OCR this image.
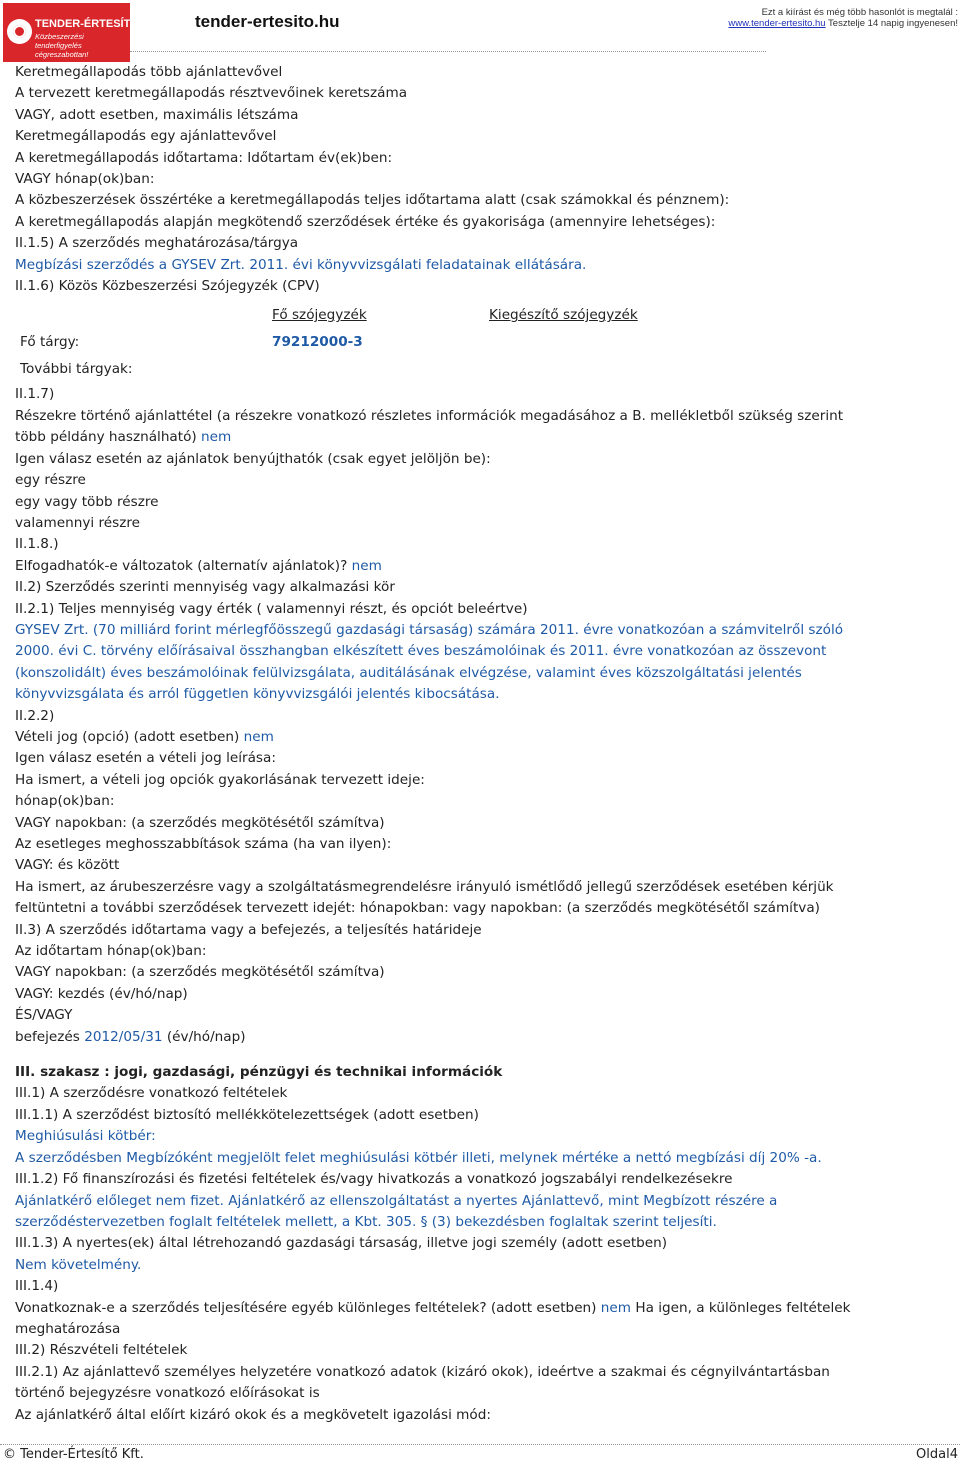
TENDER-ÉRTESÍTŐ.hu
Közbeszerzési tenderfigyelés cégreszabottan!
tender-ertesito.hu	Ezt a kiírást és még több hasonlót is megtalál :
www.tender-ertesito.hu Tesztelje 14 napig ingyenesen!
Keretmegállapodás több ajánlattevővel
A tervezett keretmegállapodás résztvevőinek keretszáma
VAGY, adott esetben, maximális létszáma
Keretmegállapodás egy ajánlattevővel
A keretmegállapodás időtartama: Időtartam év(ek)ben:
VAGY hónap(ok)ban:
A közbeszerzések összértéke a keretmegállapodás teljes időtartama alatt (csak számokkal és pénznem):
A keretmegállapodás alapján megkötendő szerződések értéke és gyakorisága (amennyire lehetséges):
II.1.5) A szerződés meghatározása/tárgya
Megbízási szerződés a GYSEV Zrt. 2011. évi könyvvizsgálati feladatainak ellátására.
II.1.6) Közös Közbeszerzési Szójegyzék (CPV)
Fő szójegyzék	Kiegészítő szójegyzék
Fő tárgy:	79212000-3
További tárgyak:
II.1.7)
Részekre történő ajánlattétel (a részekre vonatkozó részletes információk megadásához a B. mellékletből szükség szerint
több példány használható) nem
Igen válasz esetén az ajánlatok benyújthatók (csak egyet jelöljön be):
egy részre
egy vagy több részre
valamennyi részre
II.1.8.)
Elfogadhatók-e változatok (alternatív ajánlatok)? nem
II.2) Szerződés szerinti mennyiség vagy alkalmazási kör
II.2.1) Teljes mennyiség vagy érték ( valamennyi részt, és opciót beleértve)
GYSEV Zrt. (70 milliárd forint mérlegfőösszegű gazdasági társaság) számára 2011. évre vonatkozóan a számvitelről szóló
2000. évi C. törvény előírásaival összhangban elkészített éves beszámolóinak és 2011. évre vonatkozóan az összevont
(konszolidált) éves beszámolóinak felülvizsgálata, auditálásának elvégzése, valamint éves közszolgáltatási jelentés
könyvvizsgálata és arról független könyvvizsgálói jelentés kibocsátása.
II.2.2)
Vételi jog (opció) (adott esetben) nem
Igen válasz esetén a vételi jog leírása:
Ha ismert, a vételi jog opciók gyakorlásának tervezett ideje:
hónap(ok)ban:
VAGY napokban: (a szerződés megkötésétől számítva)
Az esetleges meghosszabbítások száma (ha van ilyen):
VAGY: és között
Ha ismert, az árubeszerzésre vagy a szolgáltatásmegrendelésre irányuló ismétlődő jellegű szerződések esetében kérjük
feltüntetni a további szerződések tervezett idejét: hónapokban: vagy napokban: (a szerződés megkötésétől számítva)
II.3) A szerződés időtartama vagy a befejezés, a teljesítés határideje
Az időtartam hónap(ok)ban:
VAGY napokban: (a szerződés megkötésétől számítva)
VAGY: kezdés (év/hó/nap)
ÉS/VAGY
befejezés 2012/05/31 (év/hó/nap)
III. szakasz : jogi, gazdasági, pénzügyi és technikai információk
III.1) A szerződésre vonatkozó feltételek
III.1.1) A szerződést biztosító mellékkötelezettségek (adott esetben)
Meghiúsulási kötbér:
A szerződésben Megbízóként megjelölt felet meghiúsulási kötbér illeti, melynek mértéke a nettó megbízási díj 20% -a.
III.1.2) Fő finanszírozási és fizetési feltételek és/vagy hivatkozás a vonatkozó jogszabályi rendelkezésekre
Ajánlatkérő előleget nem fizet. Ajánlatkérő az ellenszolgáltatást a nyertes Ajánlattevő, mint Megbízott részére a
szerződéstervezetben foglalt feltételek mellett, a Kbt. 305. § (3) bekezdésben foglaltak szerint teljesíti.
III.1.3) A nyertes(ek) által létrehozandó gazdasági társaság, illetve jogi személy (adott esetben)
Nem követelmény.
III.1.4)
Vonatkoznak-e a szerződés teljesítésére egyéb különleges feltételek? (adott esetben) nem Ha igen, a különleges feltételek
meghatározása
III.2) Részvételi feltételek
III.2.1) Az ajánlattevő személyes helyzetére vonatkozó adatok (kizáró okok), ideértve a szakmai és cégnyilvántartásban
történő bejegyzésre vonatkozó előírásokat is
Az ajánlatkérő által előírt kizáró okok és a megkövetelt igazolási mód:
© Tender-Értesítő Kft.	Oldal4
